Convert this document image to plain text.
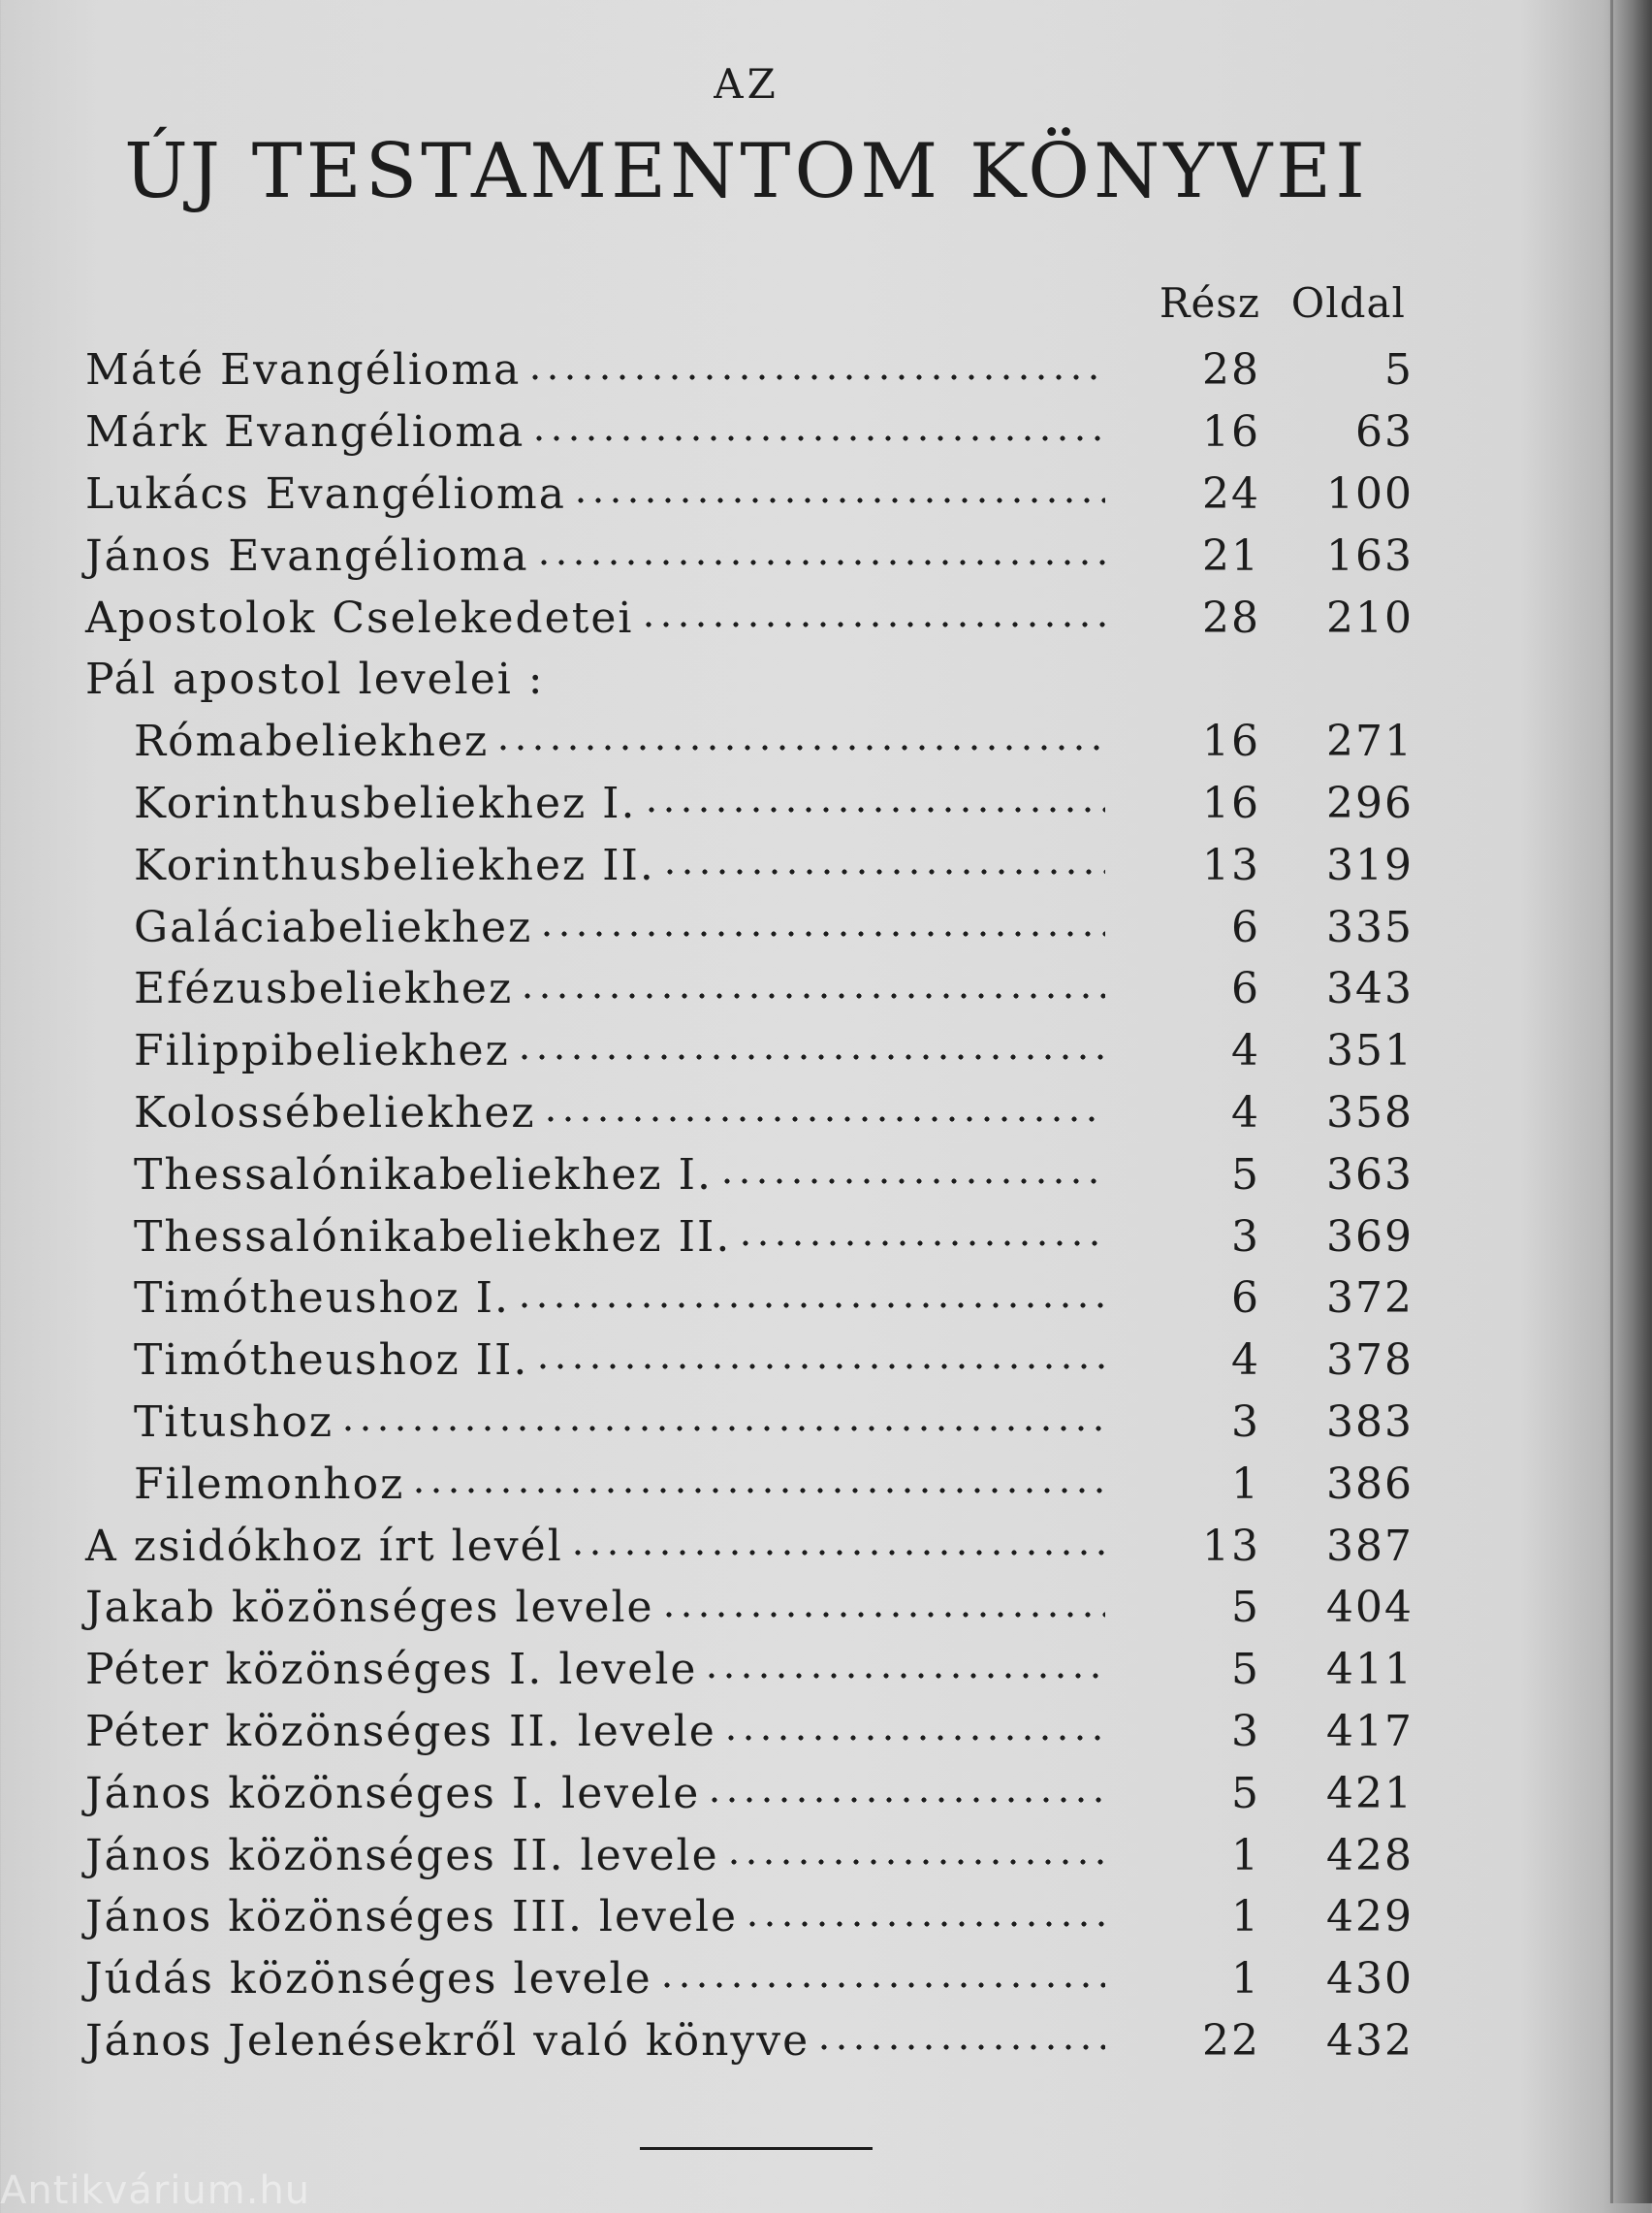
AZ
ÚJ TESTAMENTOM KÖNYVEI
Rész Oldal
Máté Evangélioma	28	5
Márk Evangélioma	16	63
Lukács Evangélioma	24	100
János Evangélioma	21	163
Apostolok Cselekedetei	28	210
Pál apostol levelei :
Rómabeliekhez	16	271
Korinthusbeliekhez I.	16	296
Korinthusbeliekhez II.	13	319
Galáciabeliekhez	6	335
Efézusbeliekhez	6	343
Filippibeliekhez	4	351
Kolossébeliekhez	4	358
Thessalónikabeliekhez I.	5	363
Thessalónikabeliekhez II.	3	369
Timótheushoz I.	6	372
Timótheushoz II.	4	378
Titushoz	3	383
Filemonhoz	1	386
A zsidókhoz írt levél	13	387
Jakab közönséges levele	5	404
Péter közönséges I. levele	5	411
Péter közönséges II. levele	3	417
János közönséges I. levele	5	421
János közönséges II. levele	1	428
János közönséges III. levele	1	429
Júdás közönséges levele	1	430
János Jelenésekről való könyve	22	432
Antikvárium.hu
